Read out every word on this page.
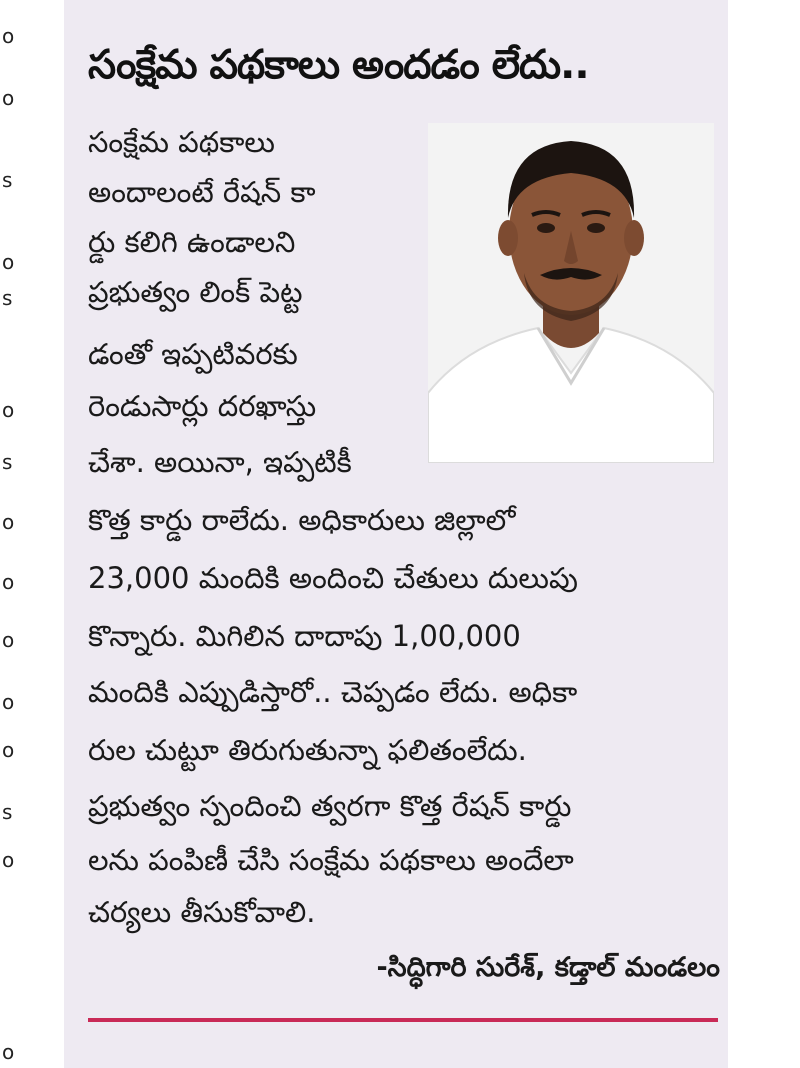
o
o
s
o
s
o
s
o
o
o
o
o
s
o
o
సంక్షేమ పథకాలు అందడం లేదు..
సంక్షేమ పథకాలు
అందాలంటే రేషన్ కా
ర్డు కలిగి ఉండాలని
ప్రభుత్వం లింక్ పెట్ట
డంతో ఇప్పటివరకు
రెండుసార్లు దరఖాస్తు
చేశా. అయినా, ఇప్పటికీ
కొత్త కార్డు రాలేదు. అధికారులు జిల్లాలో
23,000 మందికి అందించి చేతులు దులుపు
కొన్నారు. మిగిలిన దాదాపు 1,00,000
మందికి ఎప్పుడిస్తారో.. చెప్పడం లేదు. అధికా
రుల చుట్టూ తిరుగుతున్నా ఫలితంలేదు.
ప్రభుత్వం స్పందించి త్వరగా కొత్త రేషన్ కార్డు
లను పంపిణీ చేసి సంక్షేమ పథకాలు అందేలా
చర్యలు తీసుకోవాలి.
-సిద్ధిగారి సురేశ్, కడ్తాల్ మండలం
